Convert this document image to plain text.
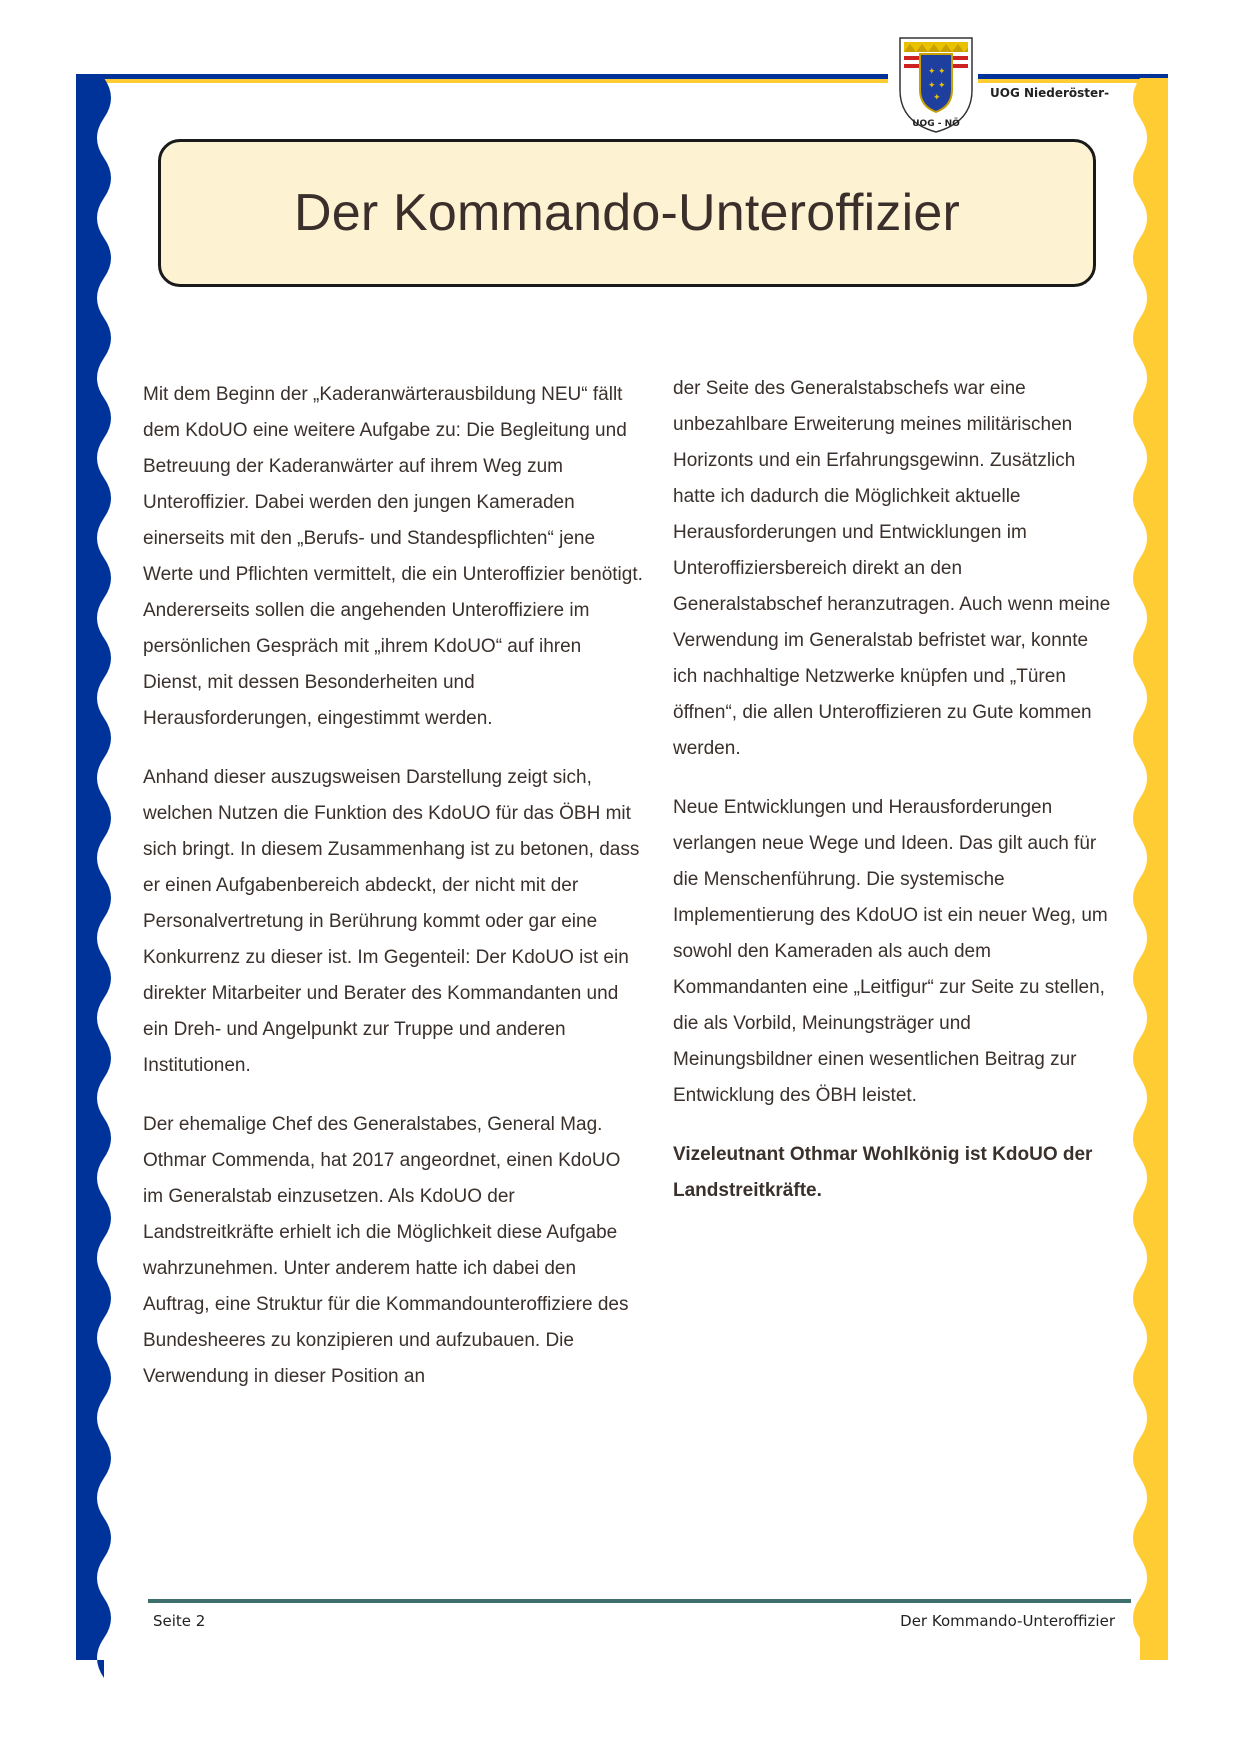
✦ ✦
✦ ✦
✦
UOG - NÖ
UOG Niederöster-
Der Kommando-Unteroffizier

Mit dem Beginn der „Kaderanwärterausbildung NEU“ fällt dem KdoUO eine weitere Aufgabe zu: Die Begleitung und Betreuung der Kaderanwärter auf ihrem Weg zum Unteroffizier. Dabei werden den jungen Kameraden einerseits mit den „Berufs- und Standespflichten“ jene Werte und Pflichten vermittelt, die ein Unteroffizier benötigt. Andererseits sollen die angehenden Unteroffiziere im persönlichen Gespräch mit „ihrem KdoUO“ auf ihren Dienst, mit dessen Besonderheiten und Herausforderungen, eingestimmt werden.

Anhand dieser auszugsweisen Darstellung zeigt sich, welchen Nutzen die Funktion des KdoUO für das ÖBH mit sich bringt. In diesem Zusammenhang ist zu betonen, dass er einen Aufgabenbereich abdeckt, der nicht mit der Personalvertretung in Berührung kommt oder gar eine Konkurrenz zu dieser ist. Im Gegenteil: Der KdoUO ist ein direkter Mitarbeiter und Berater des Kommandanten und ein Dreh- und Angelpunkt zur Truppe und anderen Institutionen.

Der ehemalige Chef des Generalstabes, General Mag. Othmar Commenda, hat 2017 angeordnet, einen KdoUO im Generalstab einzusetzen. Als KdoUO der Landstreitkräfte erhielt ich die Möglichkeit diese Aufgabe wahrzunehmen. Unter anderem hatte ich dabei den Auftrag, eine Struktur für die Kommandounteroffiziere des Bundesheeres zu konzipieren und aufzubauen. Die Verwendung in dieser Position an

der Seite des Generalstabschefs war eine unbezahlbare Erweiterung meines militärischen Horizonts und ein Erfahrungsgewinn. Zusätzlich hatte ich dadurch die Möglichkeit aktuelle Herausforderungen und Entwicklungen im Unteroffiziersbereich direkt an den Generalstabschef heranzutragen. Auch wenn meine Verwendung im Generalstab befristet war, konnte ich nachhaltige Netzwerke knüpfen und „Türen öffnen“, die allen Unteroffizieren zu Gute kommen werden.

Neue Entwicklungen und Herausforderungen verlangen neue Wege und Ideen. Das gilt auch für die Menschenführung. Die systemische Implementierung des KdoUO ist ein neuer Weg, um sowohl den Kameraden als auch dem Kommandanten eine „Leitfigur“ zur Seite zu stellen, die als Vorbild, Meinungsträger und Meinungsbildner einen wesentlichen Beitrag zur Entwicklung des ÖBH leistet.

Vizeleutnant Othmar Wohlkönig ist KdoUO der Landstreitkräfte.

Seite 2	Der Kommando-Unteroffizier
